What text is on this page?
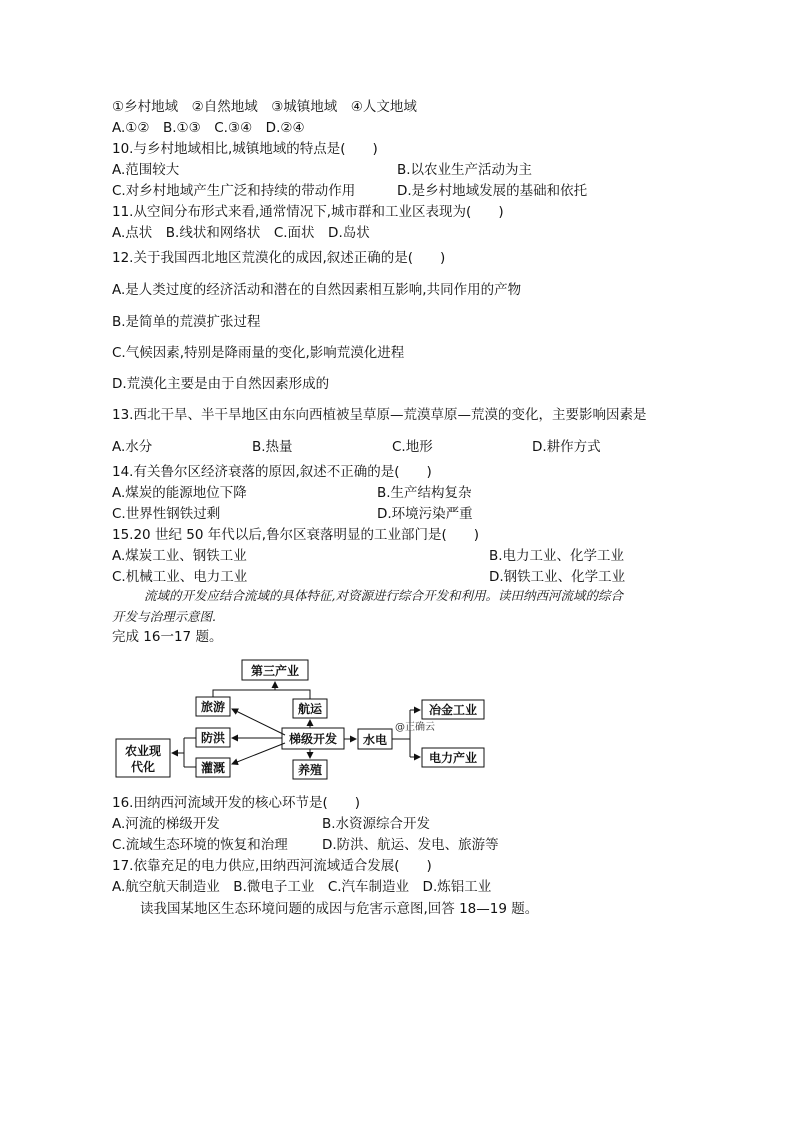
①乡村地域　②自然地域　③城镇地域　④人文地域
A.①②　B.①③　C.③④　D.②④
10.与乡村地域相比,城镇地域的特点是(　　)
A.范围较大	B.以农业生产活动为主
C.对乡村地域产生广泛和持续的带动作用	D.是乡村地域发展的基础和依托
11.从空间分布形式来看,通常情况下,城市群和工业区表现为(　　)
A.点状　B.线状和网络状　C.面状　D.岛状
12.关于我国西北地区荒漠化的成因,叙述正确的是(　　)
A.是人类过度的经济活动和潜在的自然因素相互影响,共同作用的产物
B.是简单的荒漠扩张过程
C.气候因素,特别是降雨量的变化,影响荒漠化进程
D.荒漠化主要是由于自然因素形成的
13.西北干旱、半干旱地区由东向西植被呈草原—荒漠草原—荒漠的变化，主要影响因素是
A.水分	B.热量	C.地形	D.耕作方式
14.有关鲁尔区经济衰落的原因,叙述不正确的是(　　)
A.煤炭的能源地位下降	B.生产结构复杂
C.世界性钢铁过剩	D.环境污染严重
15.20 世纪 50 年代以后,鲁尔区衰落明显的工业部门是(　　)
A.煤炭工业、钢铁工业	B.电力工业、化学工业
C.机械工业、电力工业	D.钢铁工业、化学工业
流域的开发应结合流域的具体特征,对资源进行综合开发和利用。读田纳西河流域的综合
开发与治理示意图.
完成 16一17 题。
第三产业
旅游	航运
防洪	梯级开发 水电
冶金工业
电力产业
灌溉	养殖
农业现
代化
@正确云
16.田纳西河流域开发的核心环节是(　　)
A.河流的梯级开发	B.水资源综合开发
C.流域生态环境的恢复和治理	D.防洪、航运、发电、旅游等
17.依靠充足的电力供应,田纳西河流域适合发展(　　)
A.航空航天制造业　B.微电子工业　C.汽车制造业　D.炼铝工业
读我国某地区生态环境问题的成因与危害示意图,回答 18—19 题。
